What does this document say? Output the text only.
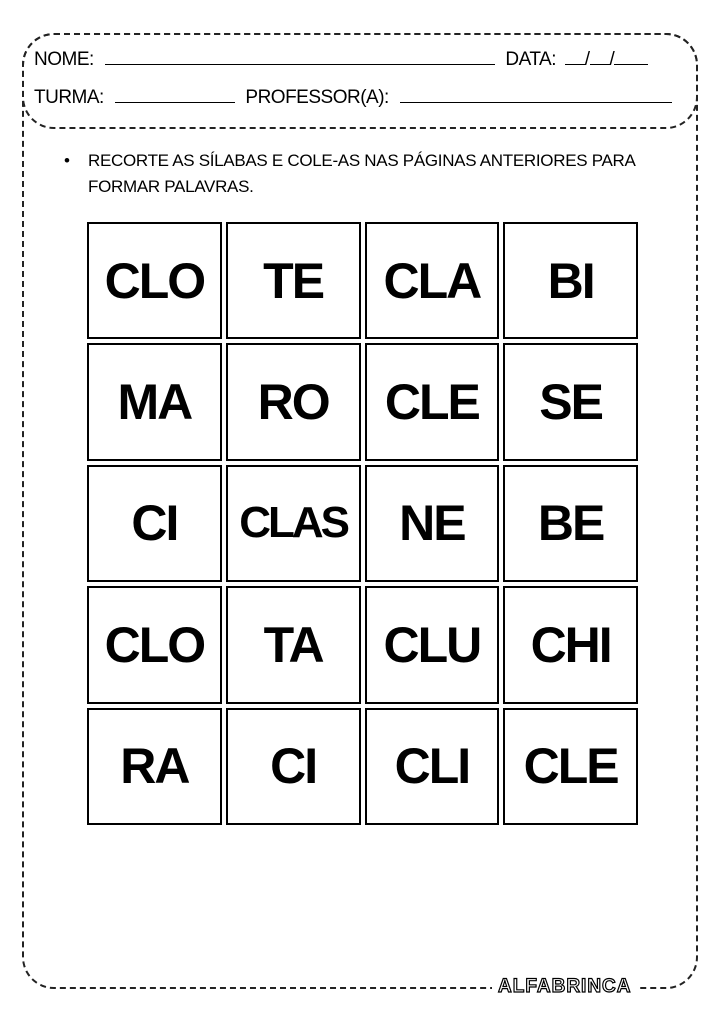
NOME:	DATA: / /
TURMA:	PROFESSOR(A):
• RECORTE AS SÍLABAS E COLE-AS NAS PÁGINAS ANTERIORES PARA FORMAR PALAVRAS.
CLO	TE	CLA	BI
MA	RO	CLE	SE
CI	CLAS	NE	BE
CLO	TA	CLU	CHI
RA	CI	CLI	CLE
ALFABRINCA
